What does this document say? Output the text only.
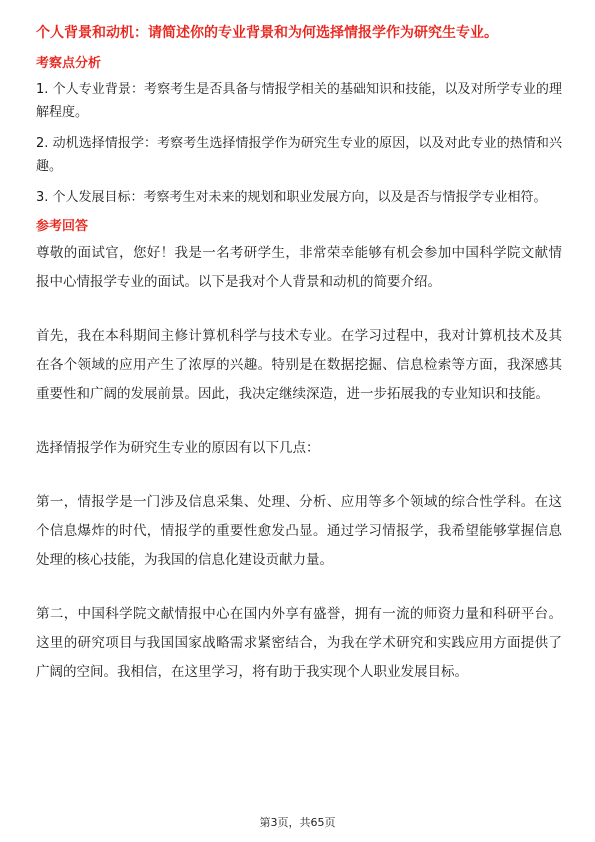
个人背景和动机：请简述你的专业背景和为何选择情报学作为研究生专业。
考察点分析
1. 个人专业背景：考察考生是否具备与情报学相关的基础知识和技能，以及对所学专业的理解程度。
2. 动机选择情报学：考察考生选择情报学作为研究生专业的原因，以及对此专业的热情和兴趣。
3. 个人发展目标：考察考生对未来的规划和职业发展方向，以及是否与情报学专业相符。
参考回答
尊敬的面试官，您好！我是一名考研学生，非常荣幸能够有机会参加中国科学院文献情报中心情报学专业的面试。以下是我对个人背景和动机的简要介绍。
首先，我在本科期间主修计算机科学与技术专业。在学习过程中，我对计算机技术及其在各个领域的应用产生了浓厚的兴趣。特别是在数据挖掘、信息检索等方面，我深感其重要性和广阔的发展前景。因此，我决定继续深造，进一步拓展我的专业知识和技能。
选择情报学作为研究生专业的原因有以下几点：
第一，情报学是一门涉及信息采集、处理、分析、应用等多个领域的综合性学科。在这个信息爆炸的时代，情报学的重要性愈发凸显。通过学习情报学，我希望能够掌握信息处理的核心技能，为我国的信息化建设贡献力量。
第二，中国科学院文献情报中心在国内外享有盛誉，拥有一流的师资力量和科研平台。这里的研究项目与我国国家战略需求紧密结合，为我在学术研究和实践应用方面提供了广阔的空间。我相信，在这里学习，将有助于我实现个人职业发展目标。
第3页，共65页
